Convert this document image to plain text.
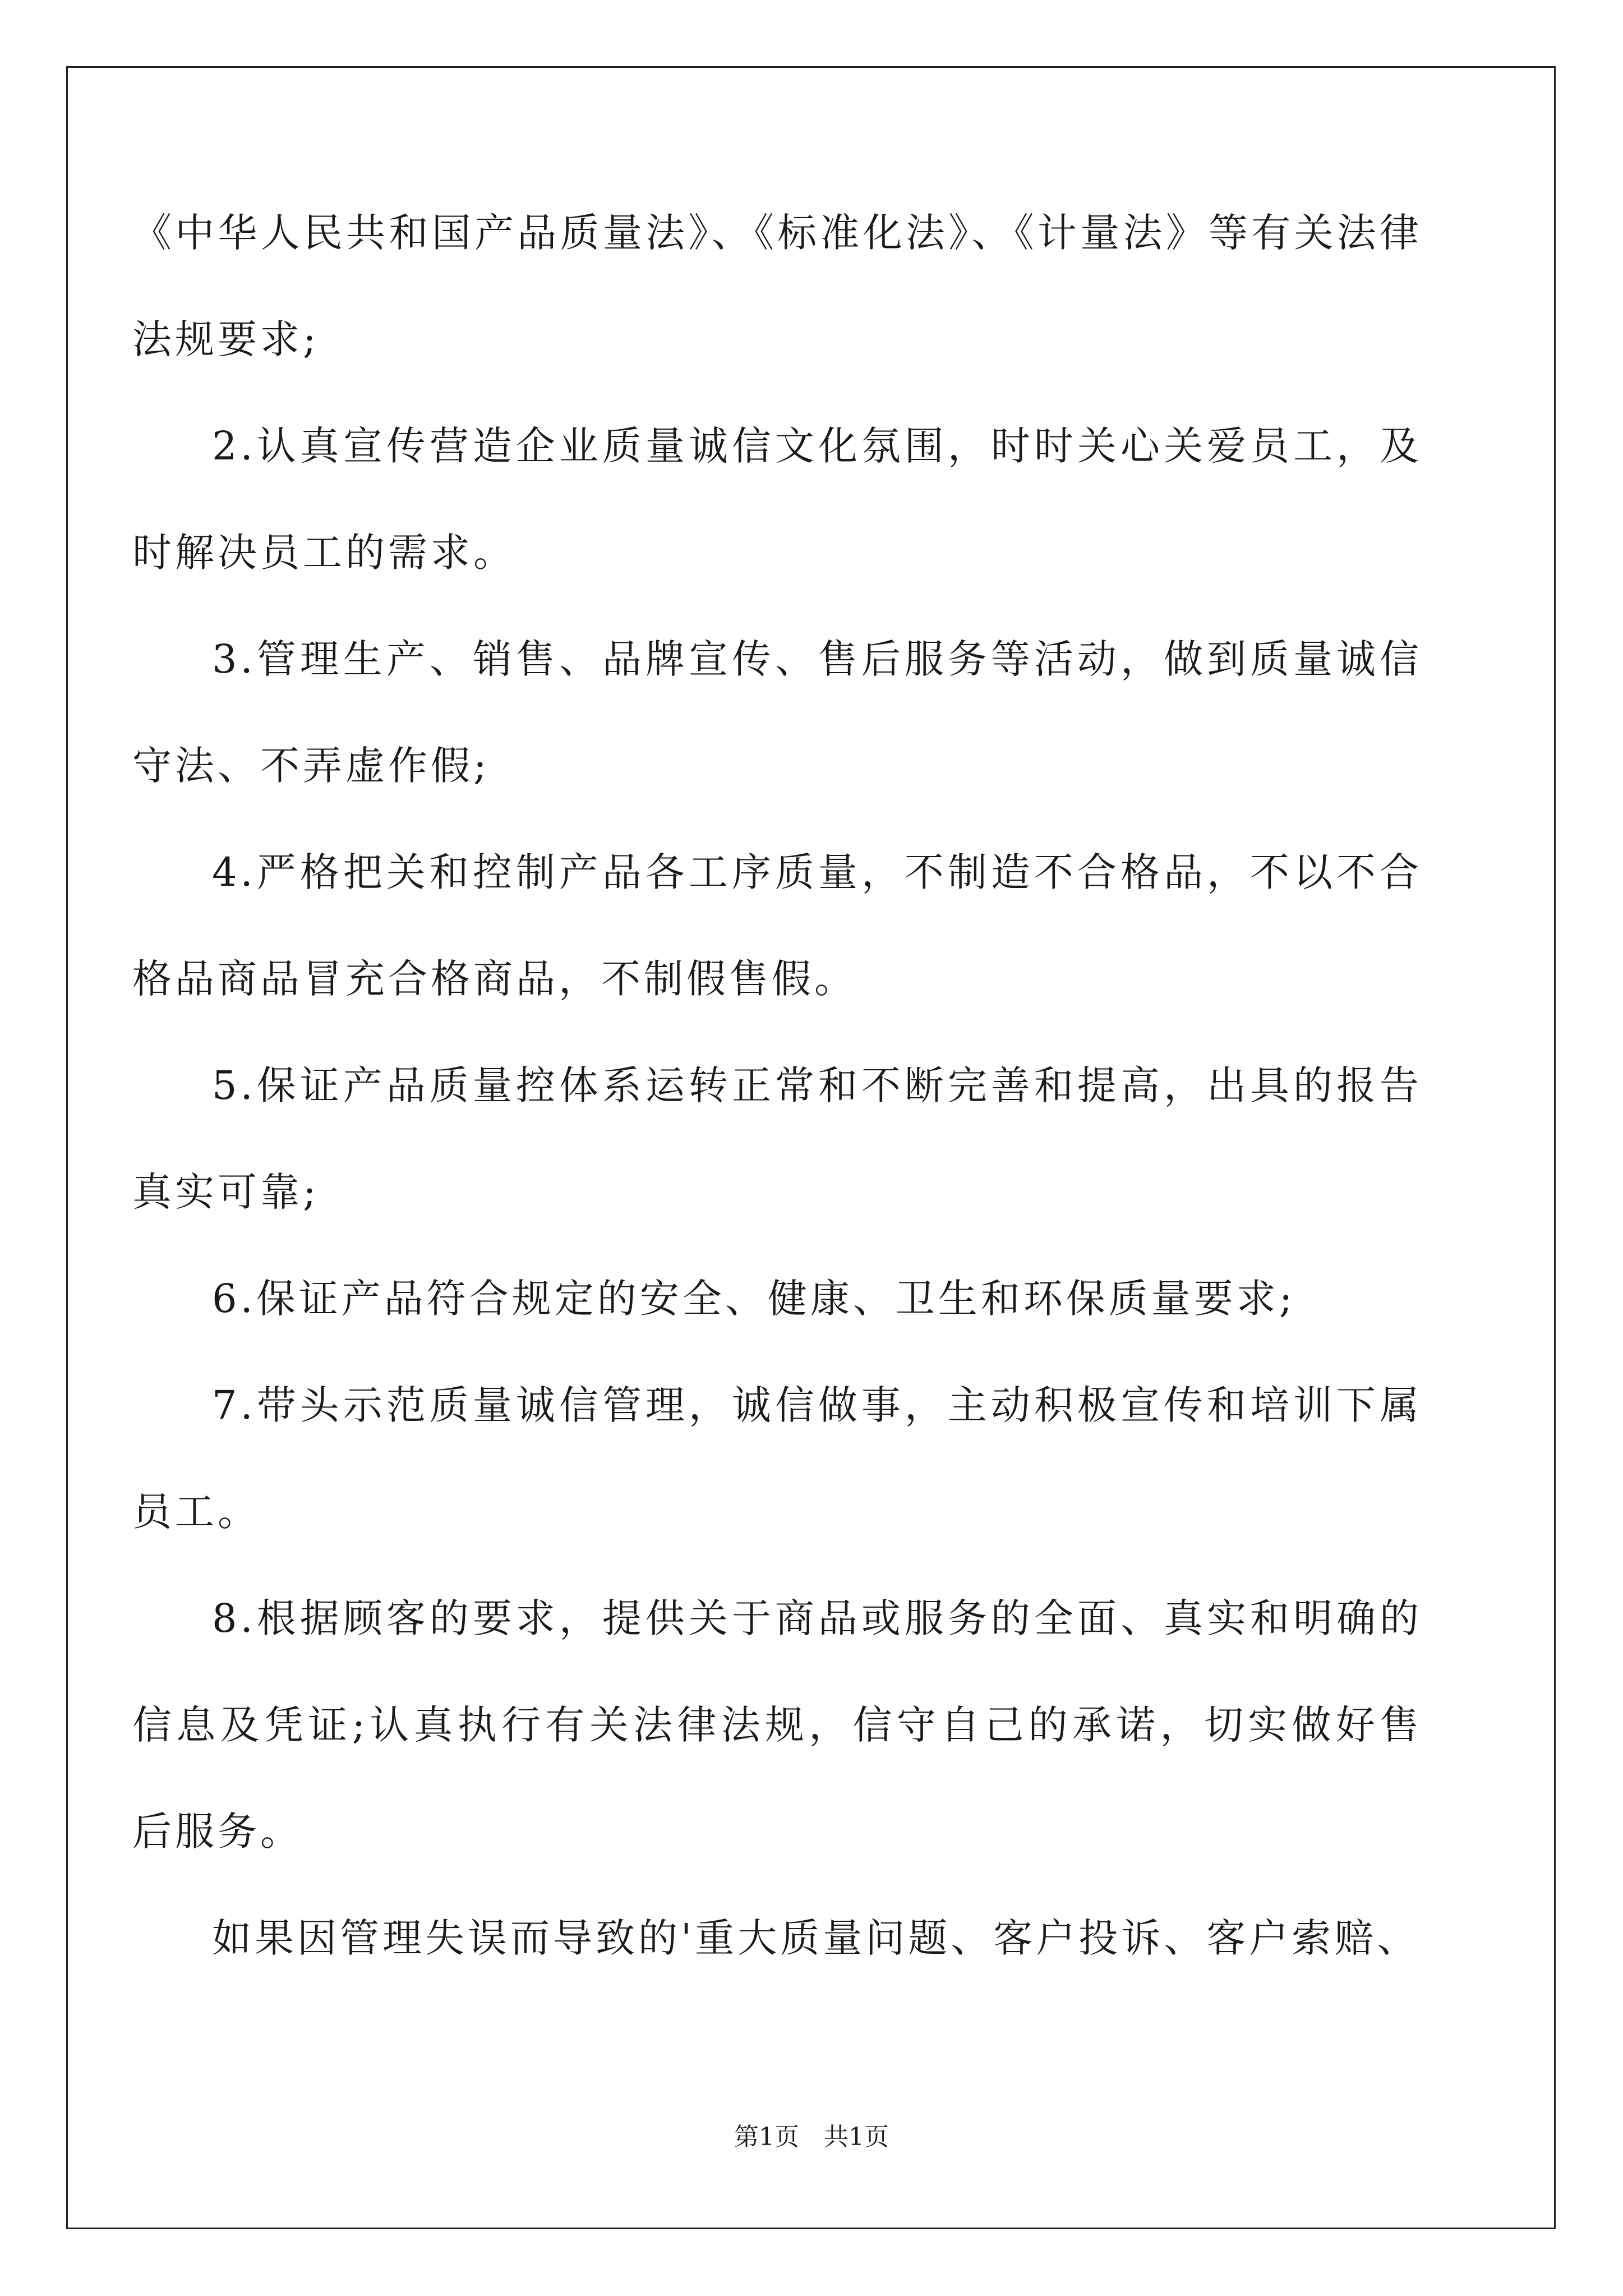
《中华人民共和国产品质量法》、《标准化法》、《计量法》等有关法律法规要求;

2.认真宣传营造企业质量诚信文化氛围，时时关心关爱员工，及时解决员工的需求。

3.管理生产、销售、品牌宣传、售后服务等活动，做到质量诚信守法、不弄虚作假;

4.严格把关和控制产品各工序质量，不制造不合格品，不以不合格品商品冒充合格商品，不制假售假。

5.保证产品质量控体系运转正常和不断完善和提高，出具的报告真实可靠;

6.保证产品符合规定的安全、健康、卫生和环保质量要求;

7.带头示范质量诚信管理，诚信做事，主动积极宣传和培训下属员工。

8.根据顾客的要求，提供关于商品或服务的全面、真实和明确的信息及凭证;认真执行有关法律法规，信守自己的承诺，切实做好售后服务。

如果因管理失误而导致的'重大质量问题、客户投诉、客户索赔、

第1页　共1页
